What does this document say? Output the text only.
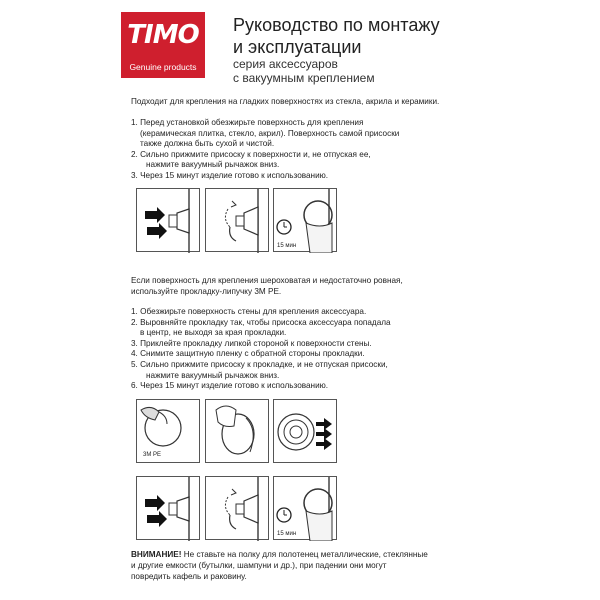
TIMO
Genuine products
Руководство по монтажу
и эксплуатации
серия аксессуаров
с вакуумным креплением
Подходит для крепления на гладких поверхностях из стекла, акрила и керамики.
1. Перед установкой обезжирьте поверхность для крепления
(керамическая плитка, стекло, акрил). Поверхность самой присоски
также должна быть сухой и чистой.
2. Сильно прижмите присоску к поверхности и, не отпуская ее,
нажмите вакуумный рычажок вниз.
3. Через 15 минут изделие готово к использованию.
15 мин
Если поверхность для крепления шероховатая и недостаточно ровная,
используйте прокладку-липучку 3М PE.
1. Обезжирьте поверхность стены для крепления аксессуара.
2. Выровняйте прокладку так, чтобы присоска аксессуара попадала
в центр, не выходя за края прокладки.
3. Приклейте прокладку липкой стороной к поверхности стены.
4. Снимите защитную пленку с обратной стороны прокладки.
5. Сильно прижмите присоску к прокладке, и не отпуская присоски,
нажмите вакуумный рычажок вниз.
6. Через 15 минут изделие готово к использованию.
3M PE
15 мин
ВНИМАНИЕ! Не ставьте на полку для полотенец металлические, стеклянные
и другие емкости (бутылки, шампуни и др.), при падении они могут
повредить кафель и раковину.
